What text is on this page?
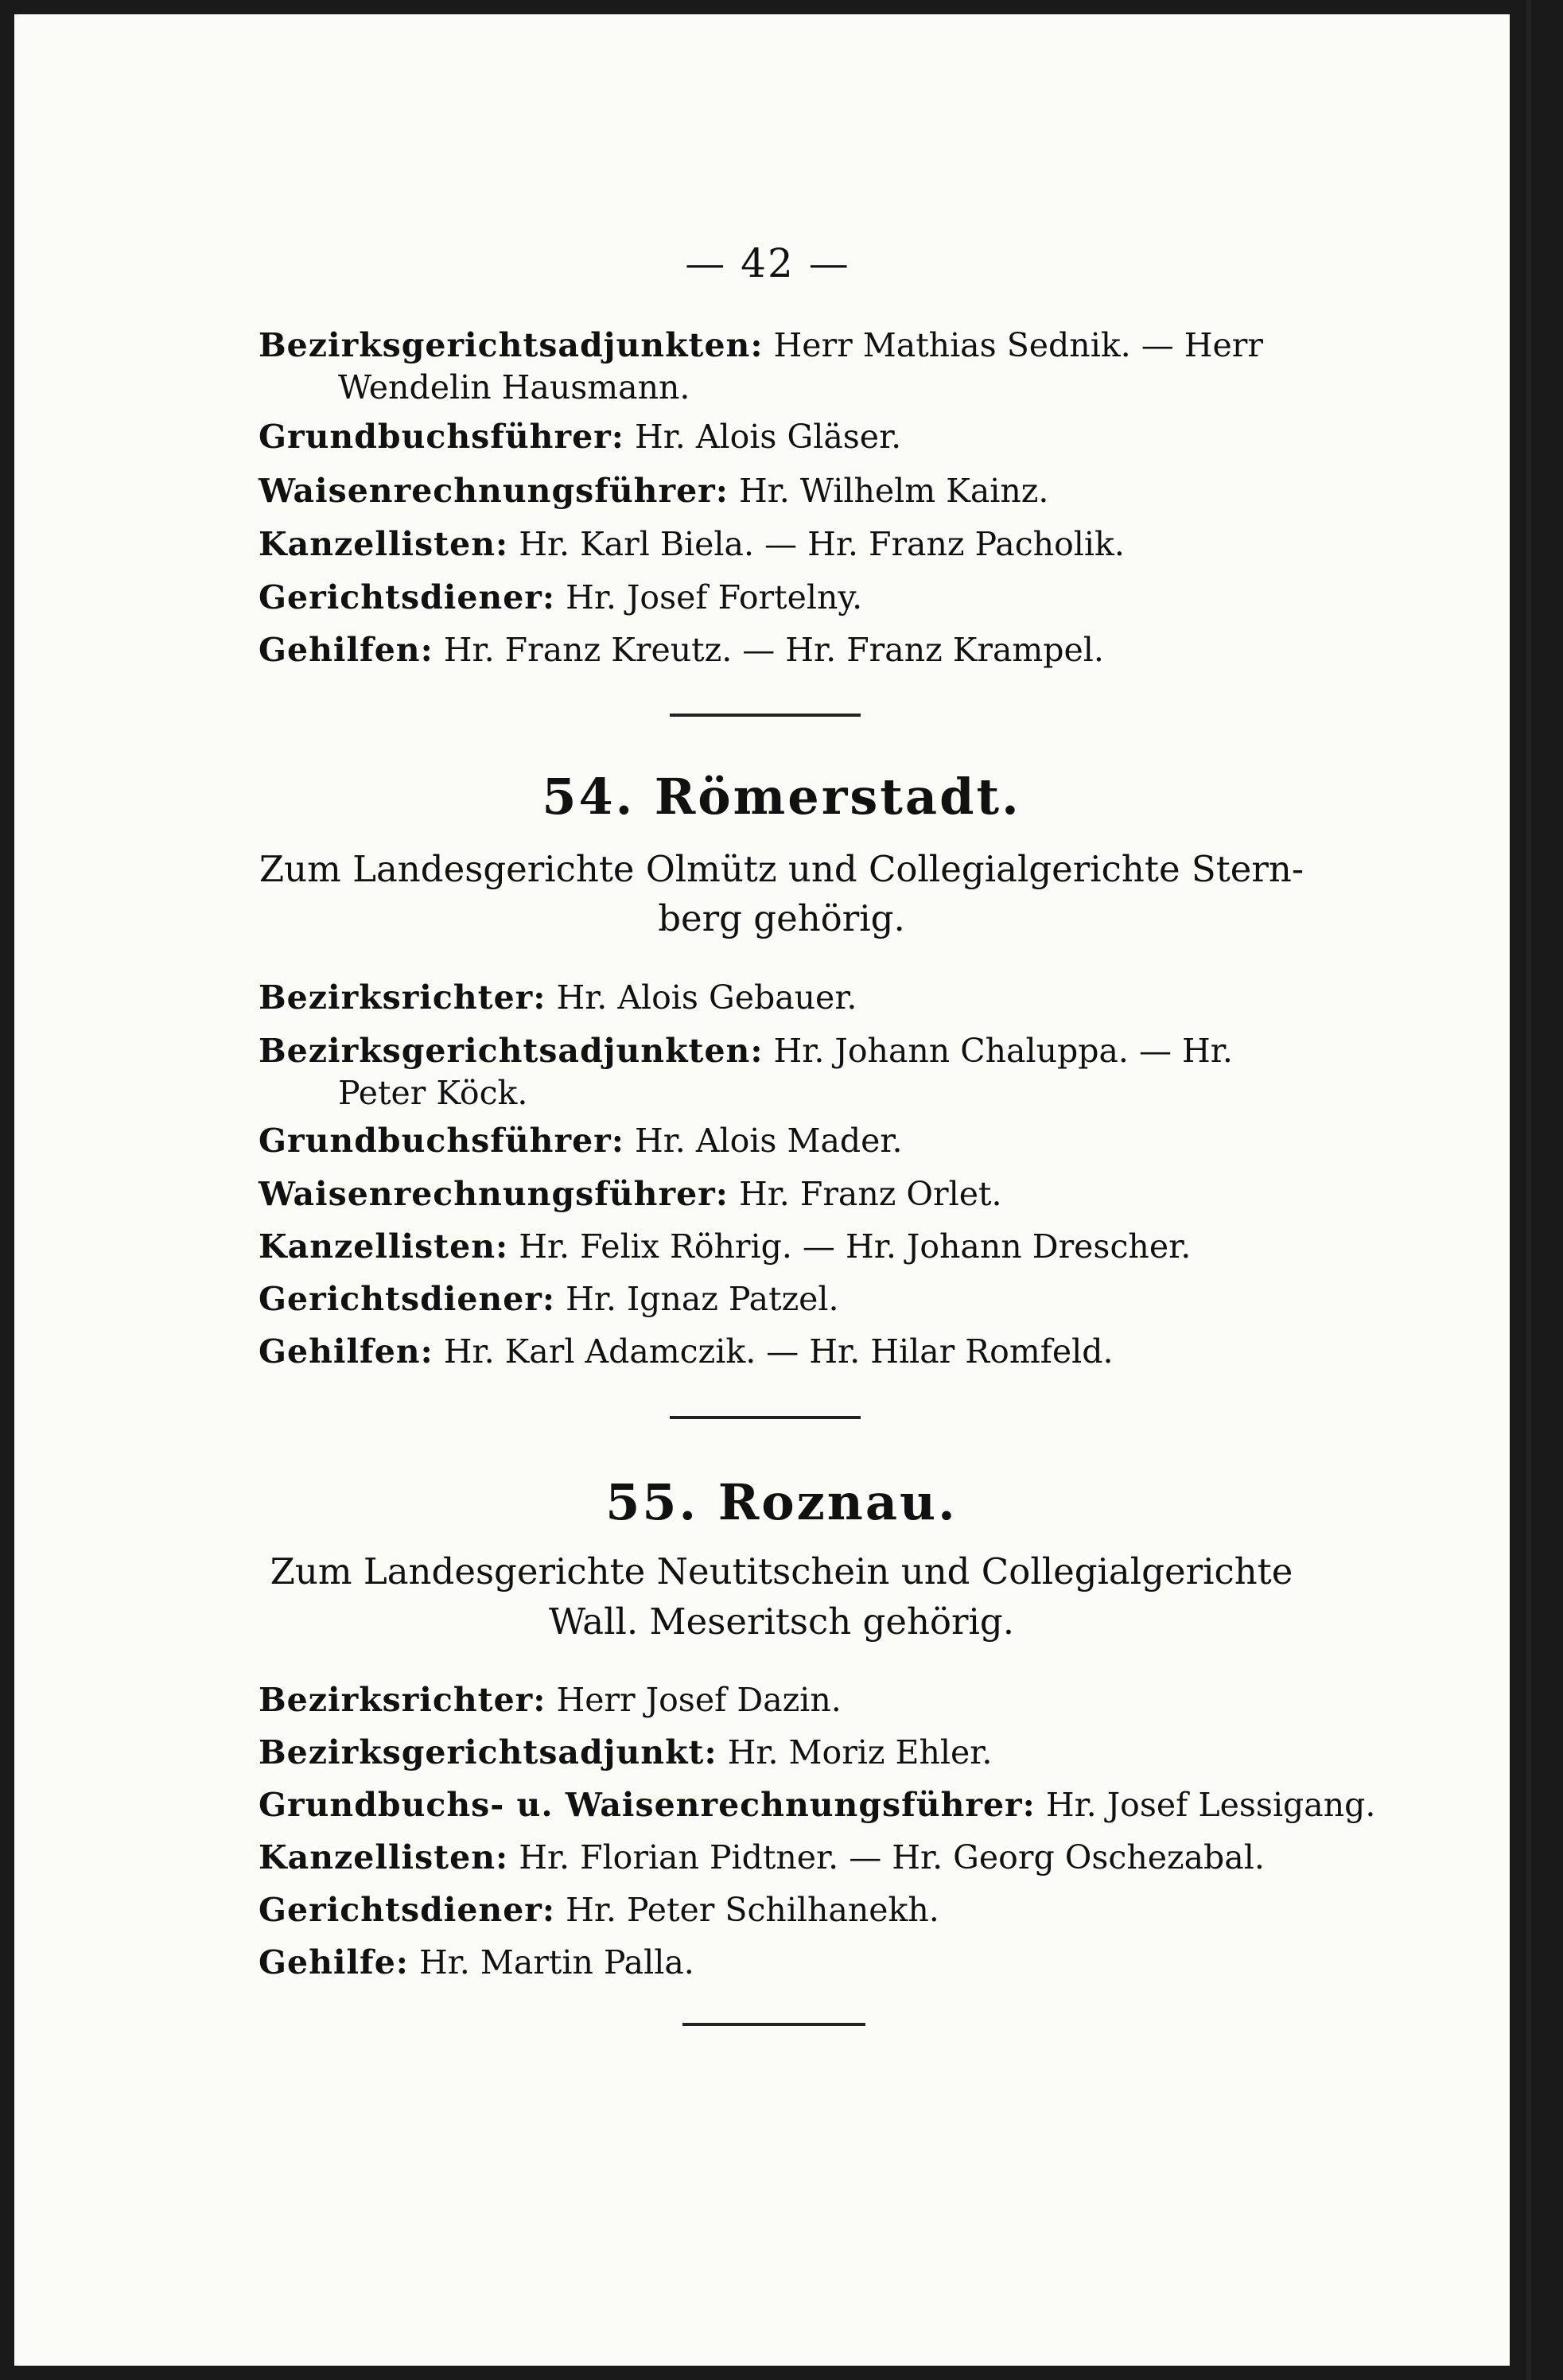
— 42 —
Bezirksgerichtsadjunkten: Herr Mathias Sednik. — Herr
Wendelin Hausmann.
Grundbuchsführer: Hr. Alois Gläser.
Waisenrechnungsführer: Hr. Wilhelm Kainz.
Kanzellisten: Hr. Karl Biela. — Hr. Franz Pacholik.
Gerichtsdiener: Hr. Josef Fortelny.
Gehilfen: Hr. Franz Kreutz. — Hr. Franz Krampel.
54. Römerstadt.
Zum Landesgerichte Olmütz und Collegialgerichte Stern-
berg gehörig.
Bezirksrichter: Hr. Alois Gebauer.
Bezirksgerichtsadjunkten: Hr. Johann Chaluppa. — Hr.
Peter Köck.
Grundbuchsführer: Hr. Alois Mader.
Waisenrechnungsführer: Hr. Franz Orlet.
Kanzellisten: Hr. Felix Röhrig. — Hr. Johann Drescher.
Gerichtsdiener: Hr. Ignaz Patzel.
Gehilfen: Hr. Karl Adamczik. — Hr. Hilar Romfeld.
55. Roznau.
Zum Landesgerichte Neutitschein und Collegialgerichte
Wall. Meseritsch gehörig.
Bezirksrichter: Herr Josef Dazin.
Bezirksgerichtsadjunkt: Hr. Moriz Ehler.
Grundbuchs- u. Waisenrechnungsführer: Hr. Josef Lessigang.
Kanzellisten: Hr. Florian Pidtner. — Hr. Georg Oschezabal.
Gerichtsdiener: Hr. Peter Schilhanekh.
Gehilfe: Hr. Martin Palla.
